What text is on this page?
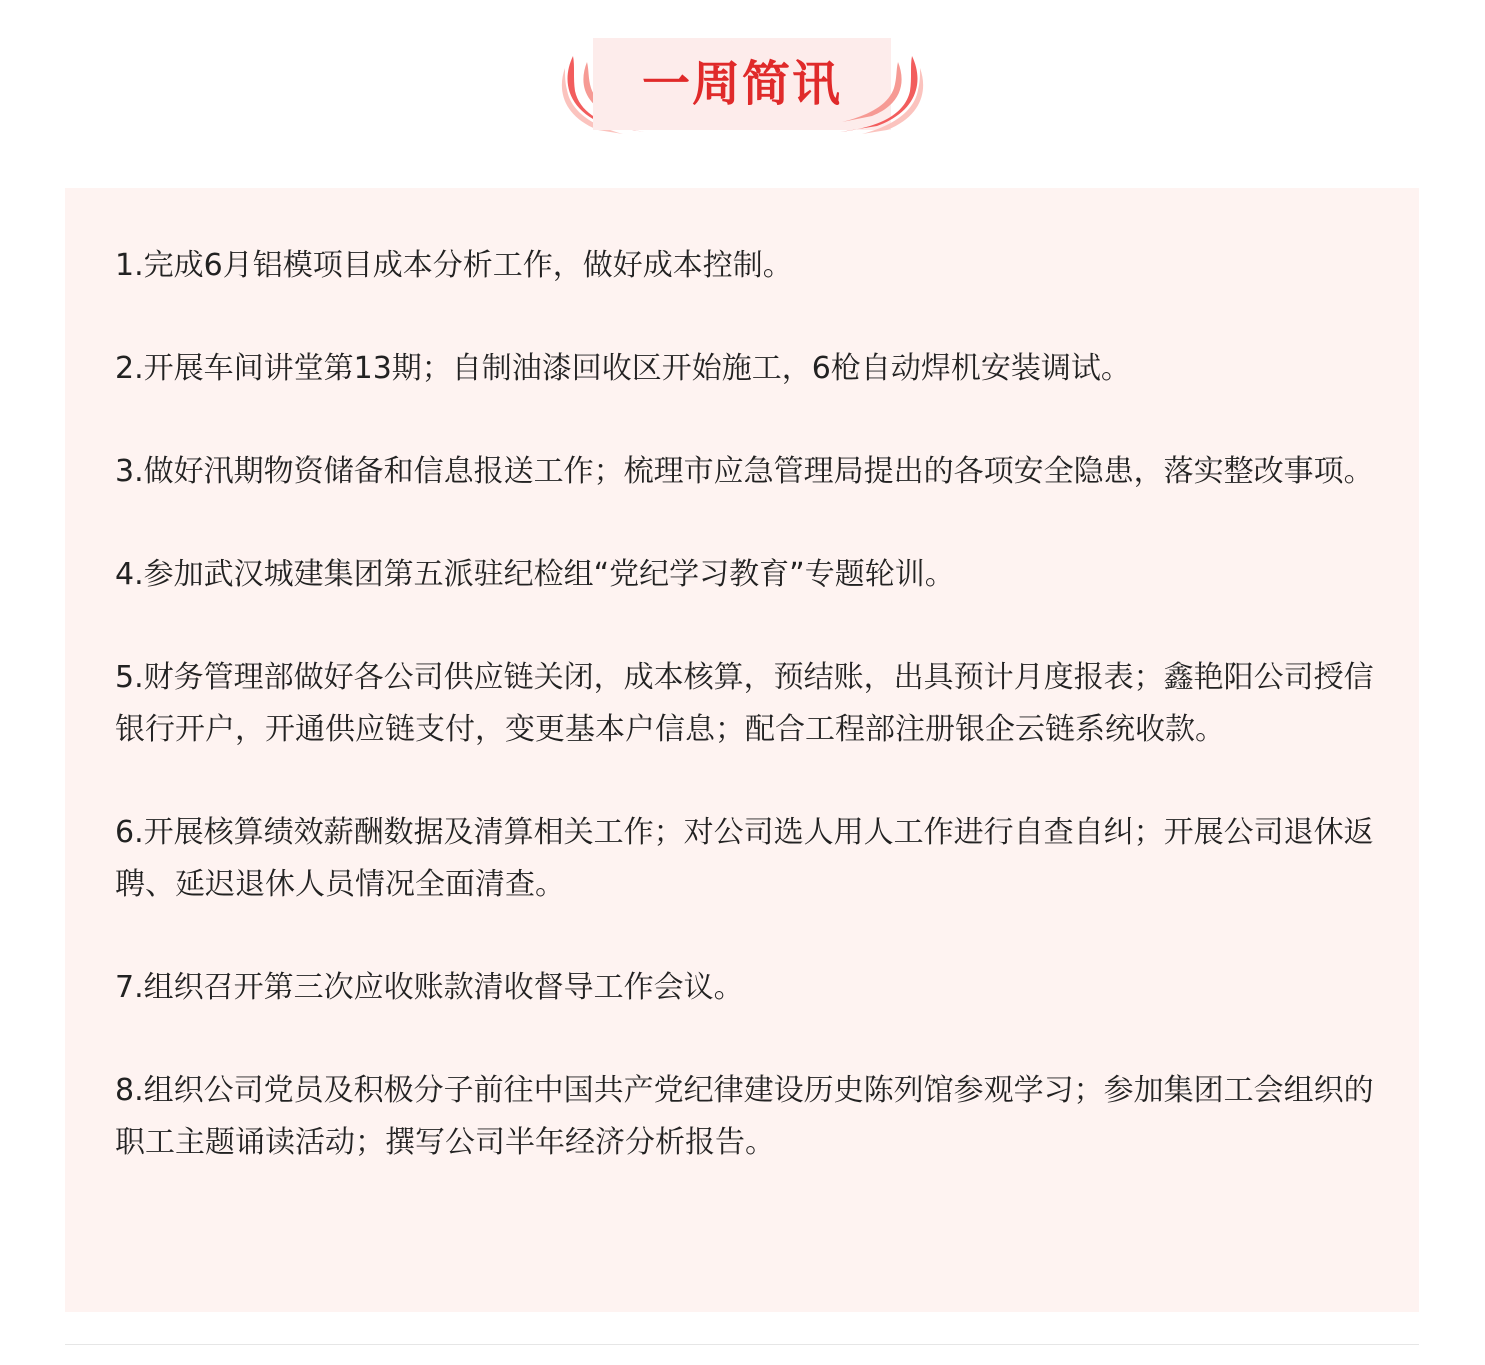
一周简讯

1.完成6月铝模项目成本分析工作，做好成本控制。

2.开展车间讲堂第13期；自制油漆回收区开始施工，6枪自动焊机安装调试。

3.做好汛期物资储备和信息报送工作；梳理市应急管理局提出的各项安全隐患，落实整改事项。

4.参加武汉城建集团第五派驻纪检组“党纪学习教育”专题轮训。

5.财务管理部做好各公司供应链关闭，成本核算，预结账，出具预计月度报表；鑫艳阳公司授信银行开户，开通供应链支付，变更基本户信息；配合工程部注册银企云链系统收款。

6.开展核算绩效薪酬数据及清算相关工作；对公司选人用人工作进行自查自纠；开展公司退休返聘、延迟退休人员情况全面清查。

7.组织召开第三次应收账款清收督导工作会议。

8.组织公司党员及积极分子前往中国共产党纪律建设历史陈列馆参观学习；参加集团工会组织的职工主题诵读活动；撰写公司半年经济分析报告。
